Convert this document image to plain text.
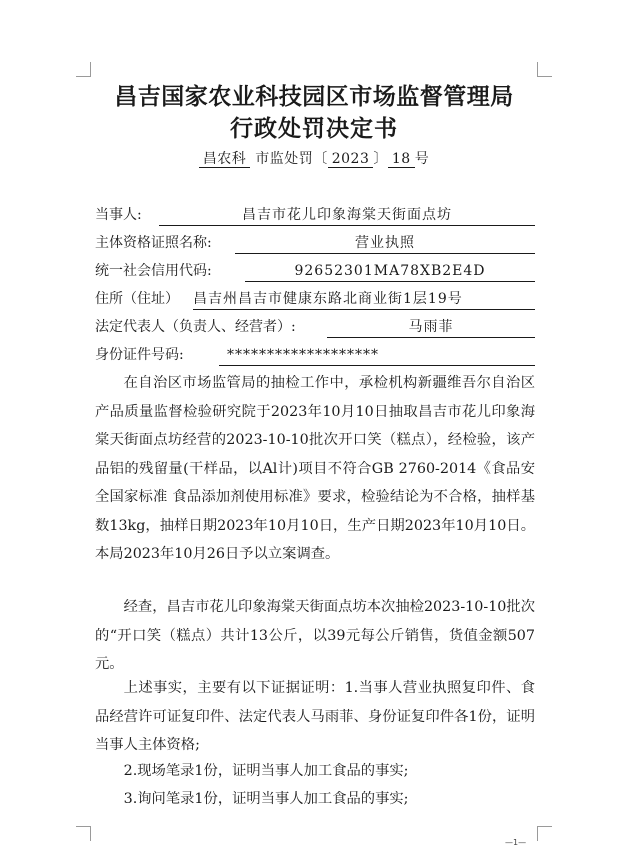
昌吉国家农业科技园区市场监督管理局
行政处罚决定书
昌农科 市监处罚〔 2023 〕 18 号
当事人:	昌吉市花儿印象海棠天街面点坊
主体资格证照名称:	营业执照
统一社会信用代码:	92652301MA78XB2E4D
住所（住址） 昌吉州昌吉市健康东路北商业街1层19号
法定代表人（负责人、经营者）:	马雨菲
身份证件号码:	*******************

在自治区市场监管局的抽检工作中，承检机构新疆维吾尔自治区产品质量监督检验研究院于2023年10月10日抽取昌吉市花儿印象海棠天街面点坊经营的2023-10-10批次开口笑（糕点），经检验，该产品铝的残留量(干样品，以Al计)项目不符合GB 2760-2014《食品安全国家标准 食品添加剂使用标准》要求，检验结论为不合格，抽样基数13kg，抽样日期2023年10月10日，生产日期2023年10月10日。本局2023年10月26日予以立案调查。

经查，昌吉市花儿印象海棠天街面点坊本次抽检2023-10-10批次的“开口笑（糕点）共计13公斤，以39元每公斤销售，货值金额507元。

上述事实，主要有以下证据证明：1.当事人营业执照复印件、食品经营许可证复印件、法定代表人马雨菲、身份证复印件各1份，证明当事人主体资格;

2.现场笔录1份，证明当事人加工食品的事实;

3.询问笔录1份，证明当事人加工食品的事实;

—1—
